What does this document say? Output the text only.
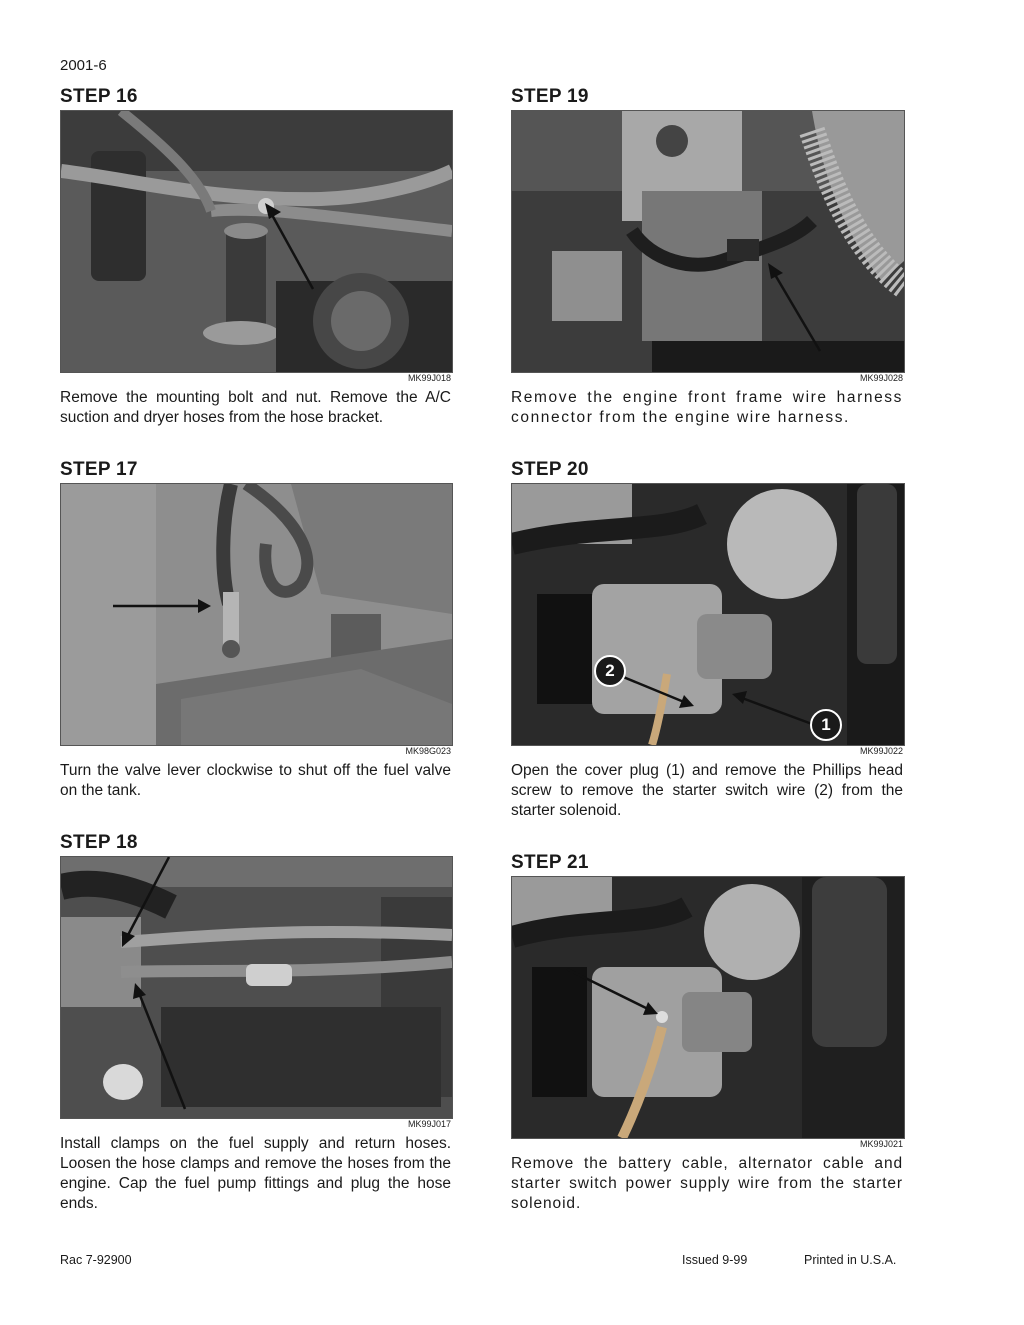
2001-6
STEP 16
MK99J018
Remove the mounting bolt and nut. Remove the A/C suction and dryer hoses from the hose bracket.
STEP 17
MK98G023
Turn the valve lever clockwise to shut off the fuel valve on the tank.
STEP 18
MK99J017
Install clamps on the fuel supply and return hoses. Loosen the hose clamps and remove the hoses from the engine. Cap the fuel pump fittings and plug the hose ends.
STEP 19
MK99J028
Remove the engine front frame wire harness connector from the engine wire harness.
STEP 20
2
1
MK99J022
Open the cover plug (1) and remove the Phillips head screw to remove the starter switch wire (2) from the starter solenoid.
STEP 21
MK99J021
Remove the battery cable, alternator cable and starter switch power supply wire from the starter solenoid.
Rac 7-92900	Issued 9-99	Printed in U.S.A.
